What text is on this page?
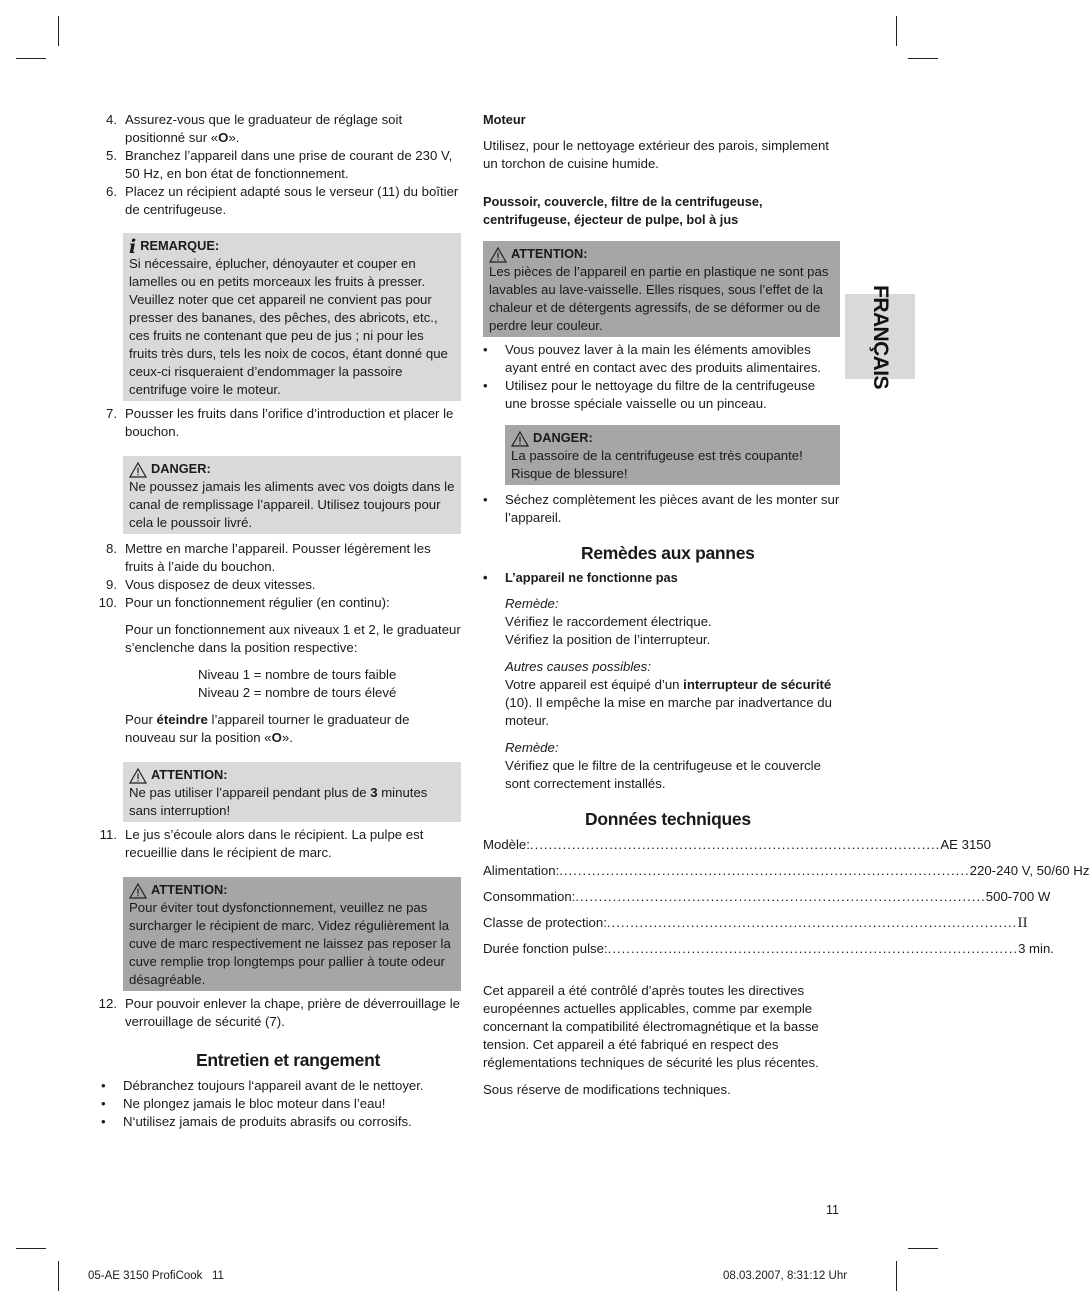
4. Assurez-vous que le graduateur de réglage soit positionné sur «O».
5. Branchez l’appareil dans une prise de courant de 230 V, 50 Hz, en bon état de fonctionnement.
6. Placez un récipient adapté sous le verseur (11) du boîtier de centrifugeuse.
i REMARQUE:

Si nécessaire, éplucher, dénoyauter et couper en lamelles ou en petits morceaux les fruits à presser. Veuillez noter que cet appareil ne convient pas pour presser des bananes, des pêches, des abricots, etc., ces fruits ne contenant que peu de jus ; ni pour les fruits très durs, tels les noix de cocos, étant donné que ceux-ci risqueraient d’endommager la passoire centrifuge voire le moteur.

7. Pousser les fruits dans l’orifice d’introduction et placer le bouchon.
DANGER:

Ne poussez jamais les aliments avec vos doigts dans le canal de remplissage l’appareil. Utilisez toujours pour cela le poussoir livré.

8. Mettre en marche l’appareil. Pousser légèrement les fruits à l’aide du bouchon.
9. Vous disposez de deux vitesses.
10. Pour un fonctionnement régulier (en continu):

Pour un fonctionnement aux niveaux 1 et 2, le graduateur s’enclenche dans la position respective:

Niveau 1 = nombre de tours faible

Niveau 2 = nombre de tours élevé

Pour éteindre l’appareil tourner le graduateur de nouveau sur la position «O».

ATTENTION:

Ne pas utiliser l’appareil pendant plus de 3 minutes sans interruption!

11. Le jus s’écoule alors dans le récipient. La pulpe est recueillie dans le récipient de marc.
ATTENTION:

Pour éviter tout dysfonctionnement, veuillez ne pas surcharger le récipient de marc. Videz régulièrement la cuve de marc respectivement ne laissez pas reposer la cuve remplie trop longtemps pour pallier à toute odeur désagréable.

12. Pour pouvoir enlever la chape, prière de déverrouillage le verrouillage de sécurité (7).
Entretien et rangement
• Débranchez toujours l‘appareil avant de le nettoyer.
• Ne plongez jamais le bloc moteur dans l’eau!
• N‘utilisez jamais de produits abrasifs ou corrosifs.

Moteur

Utilisez, pour le nettoyage extérieur des parois, simplement un torchon de cuisine humide.

Poussoir, couvercle, filtre de la centrifugeuse, centrifugeuse, éjecteur de pulpe, bol à jus

ATTENTION:

Les pièces de l’appareil en partie en plastique ne sont pas lavables au lave-vaisselle. Elles risques, sous l’effet de la chaleur et de détergents agressifs, de se déformer ou de perdre leur couleur.

• Vous pouvez laver à la main les éléments amovibles ayant entré en contact avec des produits alimentaires.
• Utilisez pour le nettoyage du filtre de la centrifugeuse une brosse spéciale vaisselle ou un pinceau.
DANGER:

La passoire de la centrifugeuse est très coupante! Risque de blessure!

• Séchez complètement les pièces avant de les monter sur l’appareil.
Remèdes aux pannes
• L’appareil ne fonctionne pas

Remède:

Vérifiez le raccordement électrique.

Vérifiez la position de l’interrupteur.

Autres causes possibles:

Votre appareil est équipé d’un interrupteur de sécurité (10). Il empêche la mise en marche par inadvertance du moteur.

Remède:

Vérifiez que le filtre de la centrifugeuse et le couvercle sont correctement installés.

Données techniques
Modèle: ........................................................................................ AE 3150
Alimentation: ........................................................................................ 220-240 V, 50/60 Hz
Consommation: ........................................................................................ 500-700 W
Classe de protection: ........................................................................................ II
Durée fonction pulse: ........................................................................................ 3 min.

Cet appareil a été contrôlé d’après toutes les directives européennes actuelles applicables, comme par exemple concernant la compatibilité électromagnétique et la basse tension. Cet appareil a été fabriqué en respect des réglementations techniques de sécurité les plus récentes.

Sous réserve de modifications techniques.

FRANÇAIS
11
05-AE 3150 ProfiCook   11	08.03.2007, 8:31:12 Uhr
